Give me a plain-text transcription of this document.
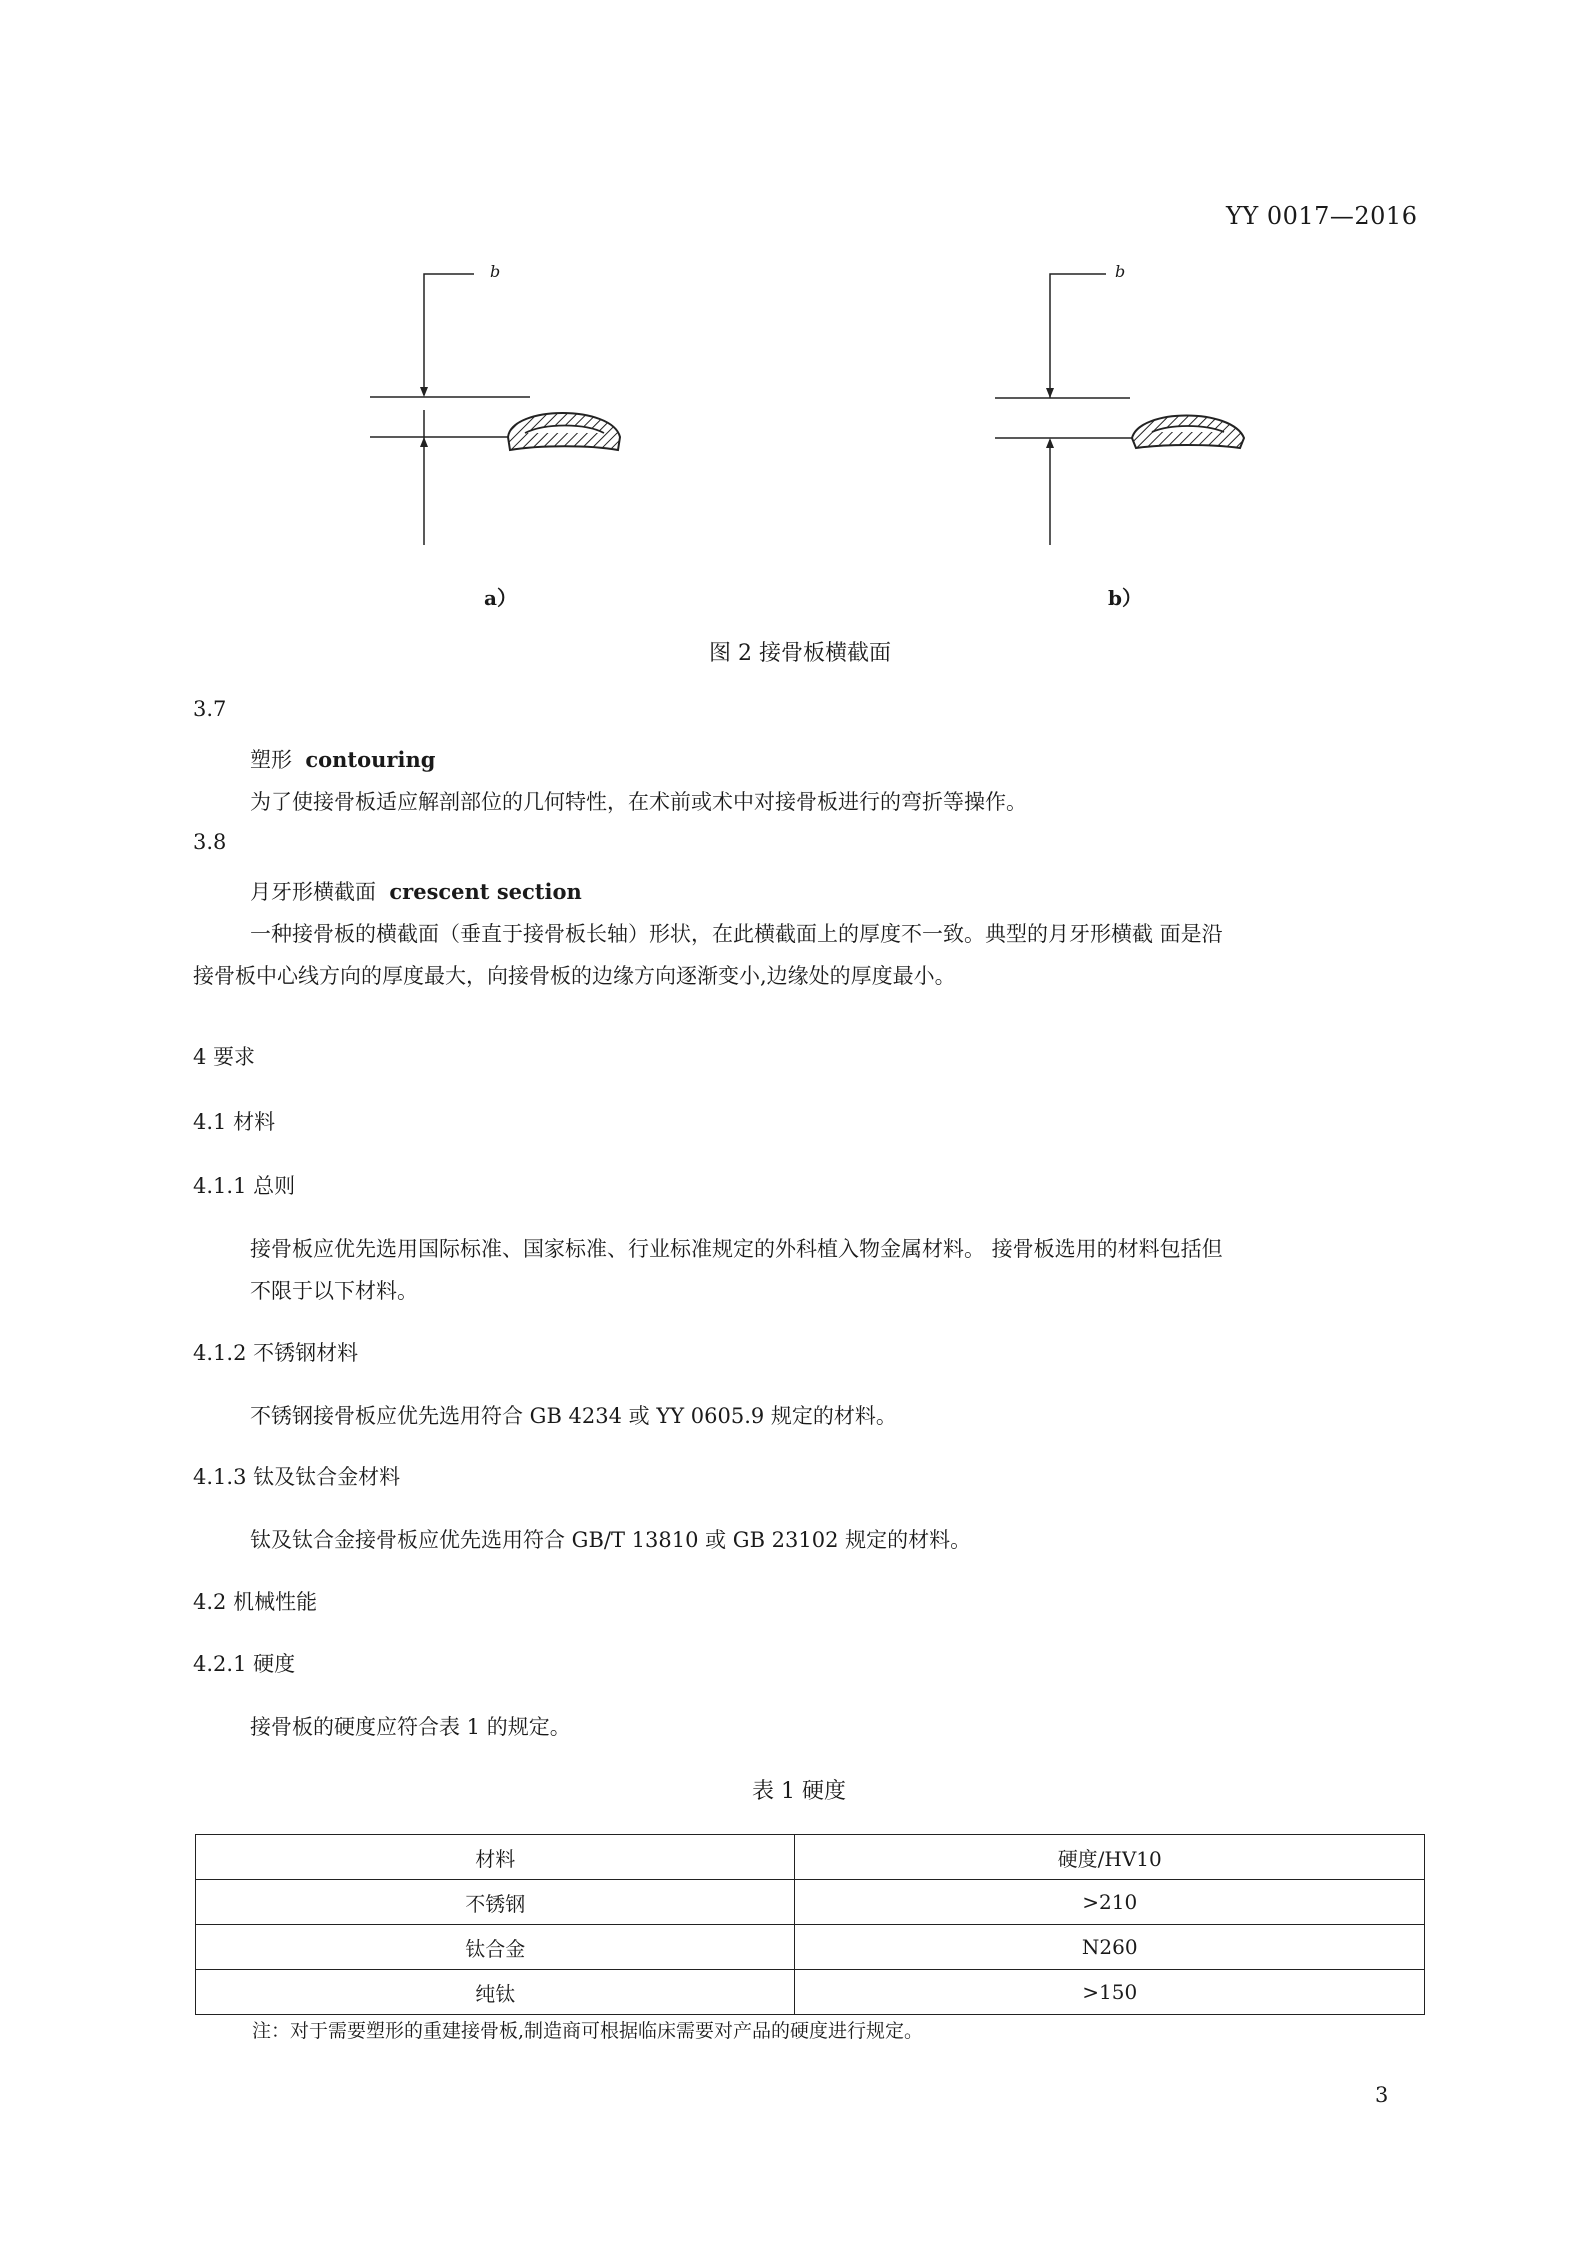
YY 0017—2016
b	b
a）	b）
图 2 接骨板横截面
3.7
塑形 contouring
为了使接骨板适应解剖部位的几何特性，在术前或术中对接骨板进行的弯折等操作。
3.8
月牙形横截面 crescent section
一种接骨板的横截面（垂直于接骨板长轴）形状，在此横截面上的厚度不一致。典型的月牙形横截 面是沿
接骨板中心线方向的厚度最大，向接骨板的边缘方向逐渐变小,边缘处的厚度最小。
4 要求
4.1 材料
4.1.1 总则
接骨板应优先选用国际标准、国家标准、行业标准规定的外科植入物金属材料。 接骨板选用的材料包括但
不限于以下材料。
4.1.2 不锈钢材料
不锈钢接骨板应优先选用符合 GB 4234 或 YY 0605.9 规定的材料。
4.1.3 钛及钛合金材料
钛及钛合金接骨板应优先选用符合 GB/T 13810 或 GB 23102 规定的材料。
4.2 机械性能
4.2.1 硬度
接骨板的硬度应符合表 1 的规定。
表 1 硬度
材料	硬度/HV10
不锈钢	>210
钛合金	N260
纯钛	>150
注：对于需要塑形的重建接骨板,制造商可根据临床需要对产品的硬度进行规定。
3
